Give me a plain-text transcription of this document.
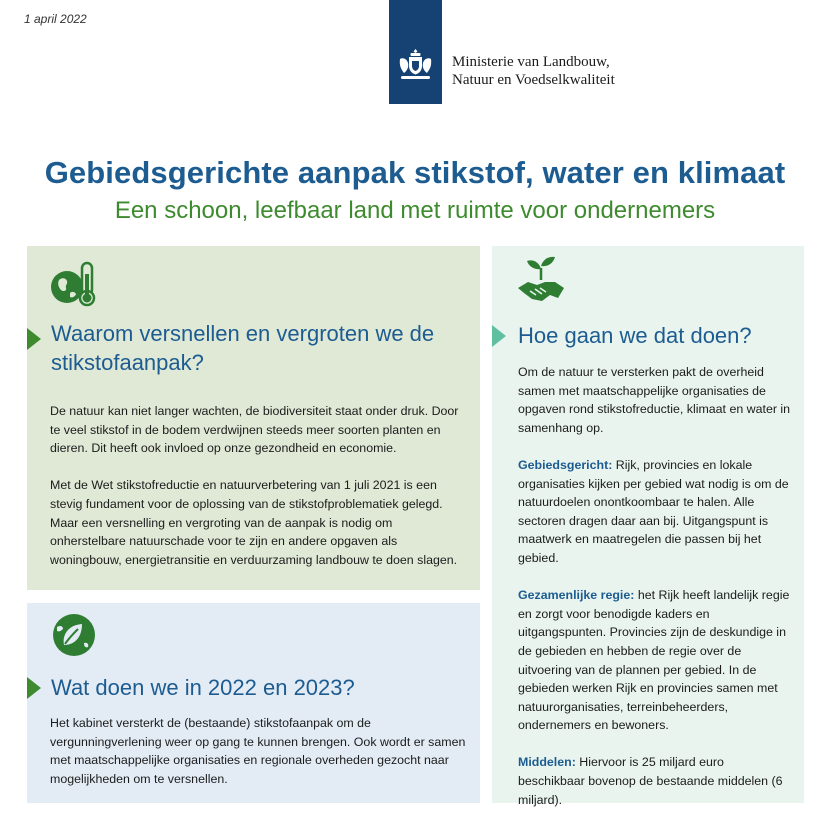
1 april 2022
Ministerie van Landbouw,
Natuur en Voedselkwaliteit
Gebiedsgerichte aanpak stikstof, water en klimaat
Een schoon, leefbaar land met ruimte voor ondernemers
Waarom versnellen en vergroten we de
stikstofaanpak?

De natuur kan niet langer wachten, de biodiversiteit staat onder druk. Door te veel stikstof in de bodem verdwijnen steeds meer soorten planten en dieren. Dit heeft ook invloed op onze gezondheid en economie.

Met de Wet stikstofreductie en natuurverbetering van 1 juli 2021 is een stevig fundament voor de oplossing van de stikstofproblematiek gelegd. Maar een versnelling en vergroting van de aanpak is nodig om onherstelbare natuurschade voor te zijn en andere opgaven als woningbouw, energietransitie en verduurzaming landbouw te doen slagen.

Wat doen we in 2022 en 2023?

Het kabinet versterkt de (bestaande) stikstofaanpak om de vergunningverlening weer op gang te kunnen brengen. Ook wordt er samen met maatschappelijke organisaties en regionale overheden gezocht naar mogelijkheden om te versnellen.

Hoe gaan we dat doen?

Om de natuur te versterken pakt de overheid samen met maatschappelijke organisaties de opgaven rond stikstofreductie, klimaat en water in samenhang op.

Gebiedsgericht: Rijk, provincies en lokale organisaties kijken per gebied wat nodig is om de natuurdoelen onontkoombaar te halen. Alle sectoren dragen daar aan bij. Uitgangspunt is maatwerk en maatregelen die passen bij het gebied.

Gezamenlijke regie: het Rijk heeft landelijk regie en zorgt voor benodigde kaders en uitgangspunten. Provincies zijn de deskundige in de gebieden en hebben de regie over de uitvoering van de plannen per gebied. In de gebieden werken Rijk en provincies samen met natuurorganisaties, terreinbeheerders, ondernemers en bewoners.

Middelen: Hiervoor is 25 miljard euro beschikbaar bovenop de bestaande middelen (6 miljard).
